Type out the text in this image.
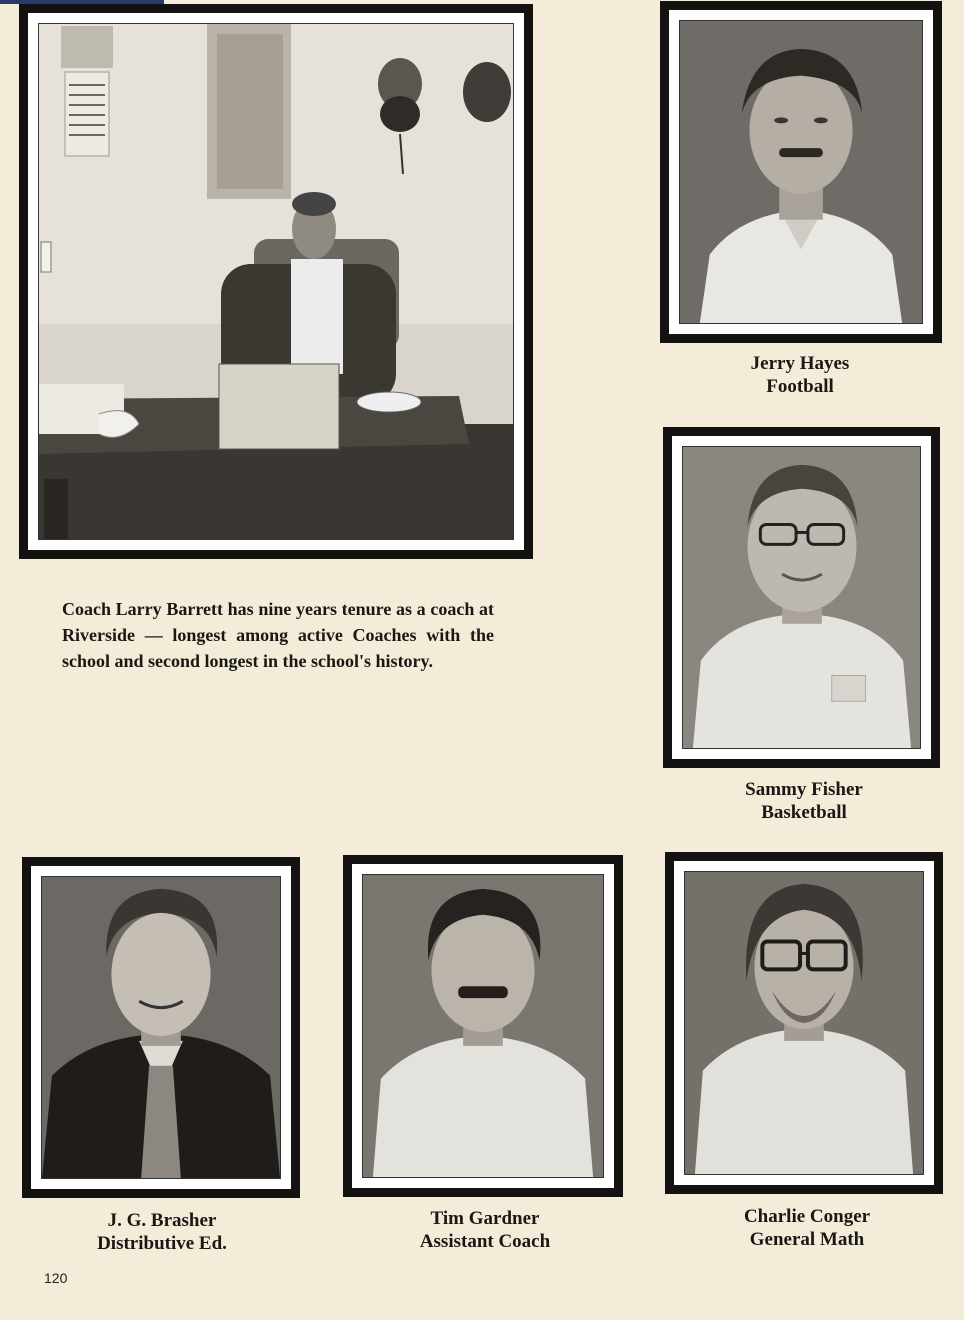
Jerry Hayes
Football
Sammy Fisher
Basketball
Coach Larry Barrett has nine years tenure as a coach at Riverside — longest among active Coaches with the school and second longest in the school's history.
J. G. Brasher
Distributive Ed.
Tim Gardner
Assistant Coach
Charlie Conger
General Math
120
